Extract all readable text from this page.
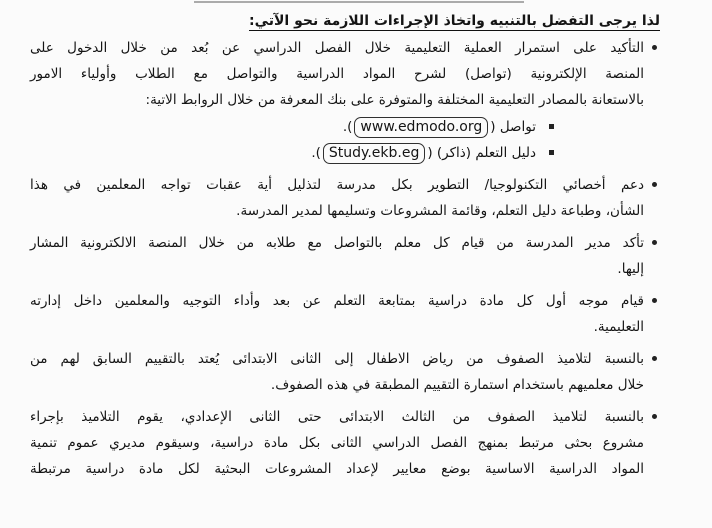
لذا يرجى التفضل بالتنبيه واتخاذ الإجراءات اللازمة نحو الآتي:
التأكيد على استمرار العملية التعليمية خلال الفصل الدراسي عن بُعد من خلال الدخول على
المنصة الإلكترونية (تواصل) لشرح المواد الدراسية والتواصل مع الطلاب وأولياء الامور
بالاستعانة بالمصادر التعليمية المختلفة والمتوفرة على بنك المعرفة من خلال الروابط الاتية:
تواصل (www.edmodo.org).
دليل التعلم (ذاكر) (Study.ekb.eg).
دعم أخصائي التكنولوجيا/ التطوير بكل مدرسة لتذليل أية عقبات تواجه المعلمين في هذا
الشأن، وطباعة دليل التعلم، وقائمة المشروعات وتسليمها لمدير المدرسة.
تأكد مدير المدرسة من قيام كل معلم بالتواصل مع طلابه من خلال المنصة الالكترونية المشار
إليها.
قيام موجه أول كل مادة دراسية بمتابعة التعلم عن بعد وأداء التوجيه والمعلمين داخل إدارته
التعليمية.
بالنسبة لتلاميذ الصفوف من رياض الاطفال إلى الثانى الابتدائى يُعتد بالتقييم السابق لهم من
خلال معلميهم باستخدام استمارة التقييم المطبقة في هذه الصفوف.
بالنسبة لتلاميذ الصفوف من الثالث الابتدائى حتى الثانى الإعدادي، يقوم التلاميذ بإجراء
مشروع بحثى مرتبط بمنهج الفصل الدراسي الثانى بكل مادة دراسية، وسيقوم مديري عموم تنمية
المواد الدراسية الاساسية بوضع معايير لإعداد المشروعات البحثية لكل مادة دراسية مرتبطة
